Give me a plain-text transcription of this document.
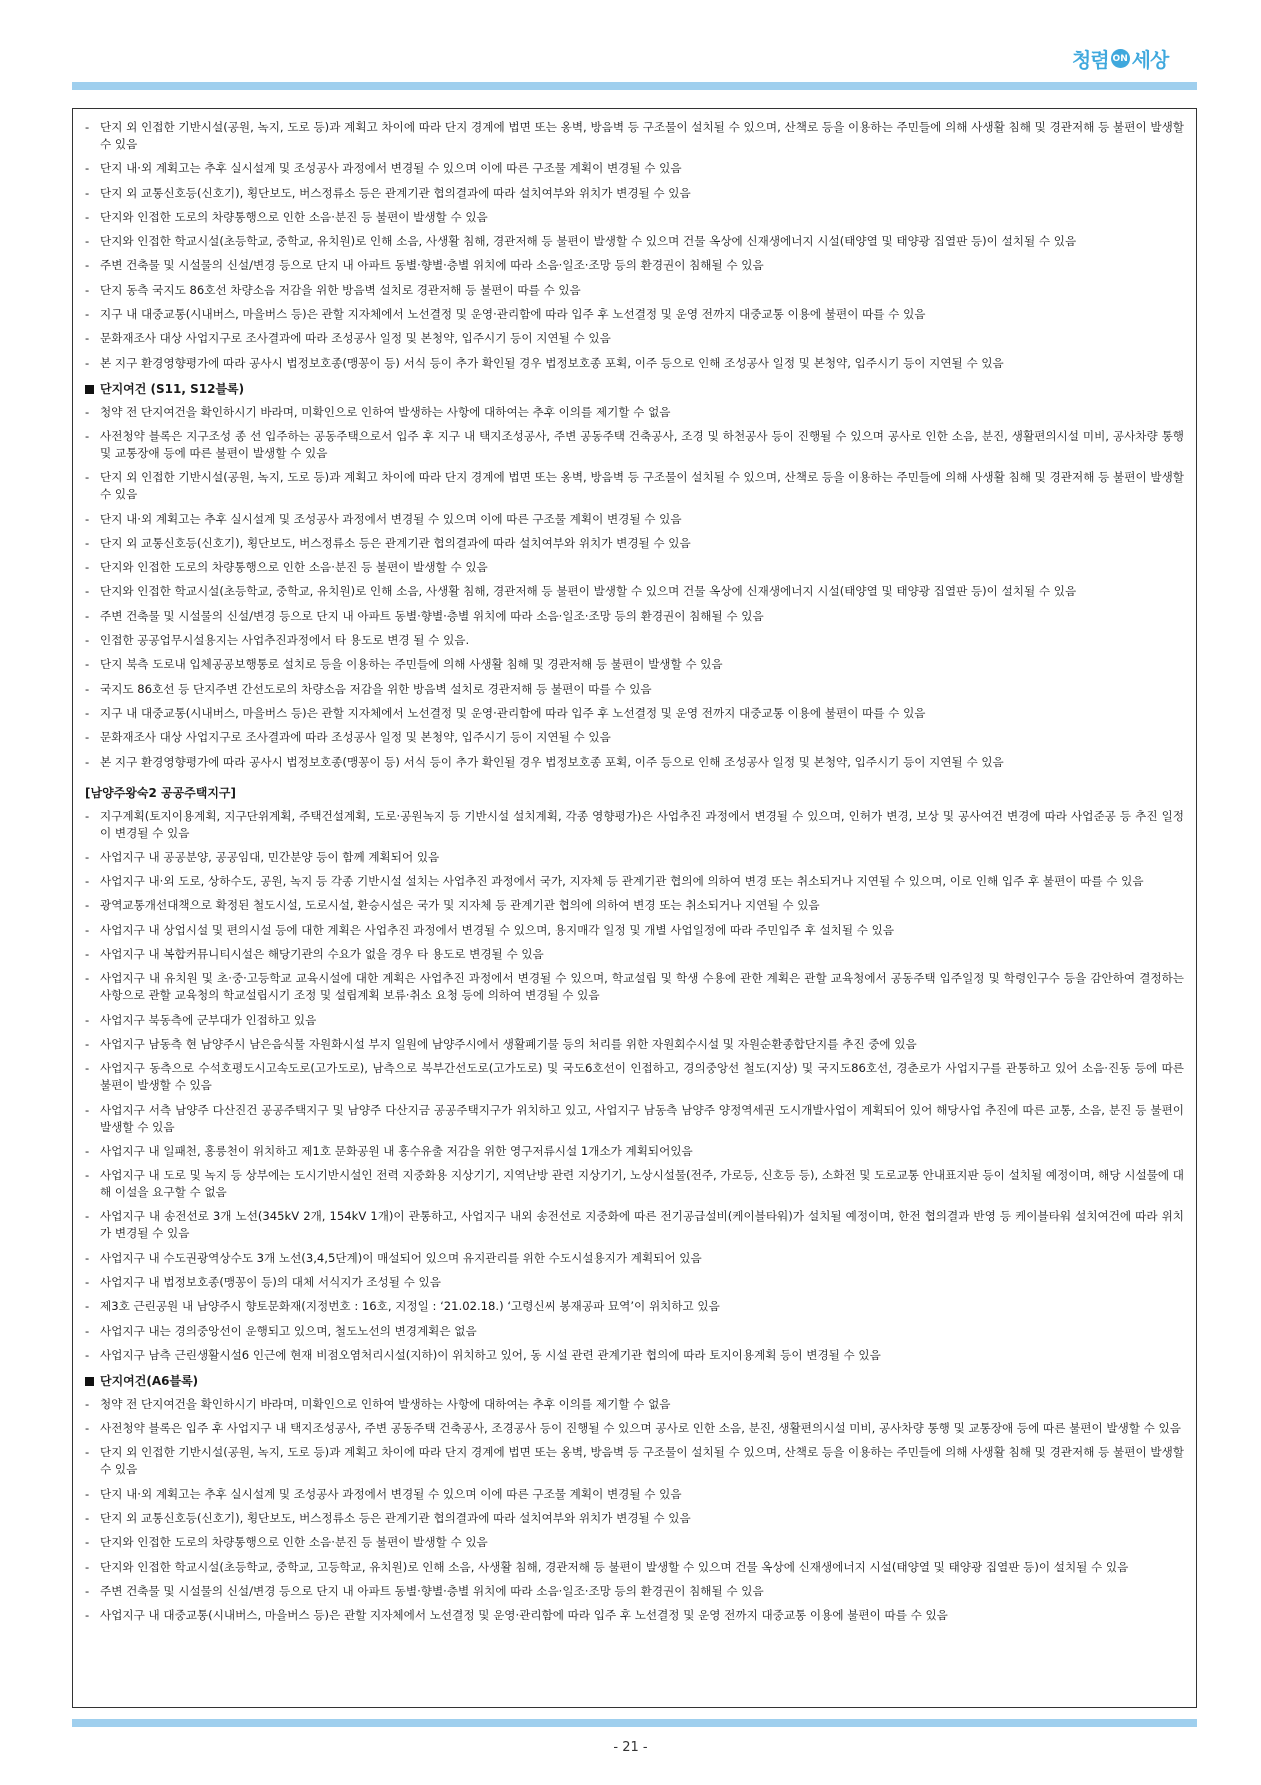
청렴 ON 세상
- 단지 외 인접한 기반시설(공원, 녹지, 도로 등)과 계획고 차이에 따라 단지 경계에 법면 또는 옹벽, 방음벽 등 구조물이 설치될 수 있으며, 산책로 등을 이용하는 주민들에 의해 사생활 침해 및 경관저해 등 불편이 발생할 수 있음
- 단지 내·외 계획고는 추후 실시설계 및 조성공사 과정에서 변경될 수 있으며 이에 따른 구조물 계획이 변경될 수 있음
- 단지 외 교통신호등(신호기), 횡단보도, 버스정류소 등은 관계기관 협의결과에 따라 설치여부와 위치가 변경될 수 있음
- 단지와 인접한 도로의 차량통행으로 인한 소음·분진 등 불편이 발생할 수 있음
- 단지와 인접한 학교시설(초등학교, 중학교, 유치원)로 인해 소음, 사생활 침해, 경관저해 등 불편이 발생할 수 있으며 건물 옥상에 신재생에너지 시설(태양열 및 태양광 집열판 등)이 설치될 수 있음
- 주변 건축물 및 시설물의 신설/변경 등으로 단지 내 아파트 동별·향별·층별 위치에 따라 소음·일조·조망 등의 환경권이 침해될 수 있음
- 단지 동측 국지도 86호선 차량소음 저감을 위한 방음벽 설치로 경관저해 등 불편이 따를 수 있음
- 지구 내 대중교통(시내버스, 마을버스 등)은 관할 지자체에서 노선결정 및 운영·관리함에 따라 입주 후 노선결정 및 운영 전까지 대중교통 이용에 불편이 따를 수 있음
- 문화재조사 대상 사업지구로 조사결과에 따라 조성공사 일정 및 본청약, 입주시기 등이 지연될 수 있음
- 본 지구 환경영향평가에 따라 공사시 법정보호종(맹꽁이 등) 서식 등이 추가 확인될 경우 법정보호종 포획, 이주 등으로 인해 조성공사 일정 및 본청약, 입주시기 등이 지연될 수 있음
단지여건 (S11, S12블록)
- 청약 전 단지여건을 확인하시기 바라며, 미확인으로 인하여 발생하는 사항에 대하여는 추후 이의를 제기할 수 없음
- 사전청약 블록은 지구조성 종 선 입주하는 공동주택으로서 입주 후 지구 내 택지조성공사, 주변 공동주택 건축공사, 조경 및 하천공사 등이 진행될 수 있으며 공사로 인한 소음, 분진, 생활편의시설 미비, 공사차량 통행 및 교통장애 등에 따른 불편이 발생할 수 있음
- 단지 외 인접한 기반시설(공원, 녹지, 도로 등)과 계획고 차이에 따라 단지 경계에 법면 또는 옹벽, 방음벽 등 구조물이 설치될 수 있으며, 산책로 등을 이용하는 주민들에 의해 사생활 침해 및 경관저해 등 불편이 발생할 수 있음
- 단지 내·외 계획고는 추후 실시설계 및 조성공사 과정에서 변경될 수 있으며 이에 따른 구조물 계획이 변경될 수 있음
- 단지 외 교통신호등(신호기), 횡단보도, 버스정류소 등은 관계기관 협의결과에 따라 설치여부와 위치가 변경될 수 있음
- 단지와 인접한 도로의 차량통행으로 인한 소음·분진 등 불편이 발생할 수 있음
- 단지와 인접한 학교시설(초등학교, 중학교, 유치원)로 인해 소음, 사생활 침해, 경관저해 등 불편이 발생할 수 있으며 건물 옥상에 신재생에너지 시설(태양열 및 태양광 집열판 등)이 설치될 수 있음
- 주변 건축물 및 시설물의 신설/변경 등으로 단지 내 아파트 동별·향별·층별 위치에 따라 소음·일조·조망 등의 환경권이 침해될 수 있음
- 인접한 공공업무시설용지는 사업추진과정에서 타 용도로 변경 될 수 있음.
- 단지 북측 도로내 입체공공보행통로 설치로 등을 이용하는 주민들에 의해 사생활 침해 및 경관저해 등 불편이 발생할 수 있음
- 국지도 86호선 등 단지주변 간선도로의 차량소음 저감을 위한 방음벽 설치로 경관저해 등 불편이 따를 수 있음
- 지구 내 대중교통(시내버스, 마을버스 등)은 관할 지자체에서 노선결정 및 운영·관리함에 따라 입주 후 노선결정 및 운영 전까지 대중교통 이용에 불편이 따를 수 있음
- 문화재조사 대상 사업지구로 조사결과에 따라 조성공사 일정 및 본청약, 입주시기 등이 지연될 수 있음
- 본 지구 환경영향평가에 따라 공사시 법정보호종(맹꽁이 등) 서식 등이 추가 확인될 경우 법정보호종 포획, 이주 등으로 인해 조성공사 일정 및 본청약, 입주시기 등이 지연될 수 있음
[남양주왕숙2 공공주택지구]
- 지구계획(토지이용계획, 지구단위계획, 주택건설계획, 도로·공원녹지 등 기반시설 설치계획, 각종 영향평가)은 사업추진 과정에서 변경될 수 있으며, 인허가 변경, 보상 및 공사여건 변경에 따라 사업준공 등 추진 일정이 변경될 수 있음
- 사업지구 내 공공분양, 공공임대, 민간분양 등이 함께 계획되어 있음
- 사업지구 내·외 도로, 상하수도, 공원, 녹지 등 각종 기반시설 설치는 사업추진 과정에서 국가, 지자체 등 관계기관 협의에 의하여 변경 또는 취소되거나 지연될 수 있으며, 이로 인해 입주 후 불편이 따를 수 있음
- 광역교통개선대책으로 확정된 철도시설, 도로시설, 환승시설은 국가 및 지자체 등 관계기관 협의에 의하여 변경 또는 취소되거나 지연될 수 있음
- 사업지구 내 상업시설 및 편의시설 등에 대한 계획은 사업추진 과정에서 변경될 수 있으며, 용지매각 일정 및 개별 사업일정에 따라 주민입주 후 설치될 수 있음
- 사업지구 내 복합커뮤니티시설은 해당기관의 수요가 없을 경우 타 용도로 변경될 수 있음
- 사업지구 내 유치원 및 초·중·고등학교 교육시설에 대한 계획은 사업추진 과정에서 변경될 수 있으며, 학교설립 및 학생 수용에 관한 계획은 관할 교육청에서 공동주택 입주일정 및 학령인구수 등을 감안하여 결정하는 사항으로 관할 교육청의 학교설립시기 조정 및 설립계획 보류·취소 요청 등에 의하여 변경될 수 있음
- 사업지구 북동측에 군부대가 인접하고 있음
- 사업지구 남동측 현 남양주시 남은음식물 자원화시설 부지 일원에 남양주시에서 생활폐기물 등의 처리를 위한 자원회수시설 및 자원순환종합단지를 추진 중에 있음
- 사업지구 동측으로 수석호평도시고속도로(고가도로), 남측으로 북부간선도로(고가도로) 및 국도6호선이 인접하고, 경의중앙선 철도(지상) 및 국지도86호선, 경춘로가 사업지구를 관통하고 있어 소음·진동 등에 따른 불편이 발생할 수 있음
- 사업지구 서측 남양주 다산진건 공공주택지구 및 남양주 다산지금 공공주택지구가 위치하고 있고, 사업지구 남동측 남양주 양정역세권 도시개발사업이 계획되어 있어 해당사업 추진에 따른 교통, 소음, 분진 등 불편이 발생할 수 있음
- 사업지구 내 일패천, 홍릉천이 위치하고 제1호 문화공원 내 홍수유출 저감을 위한 영구저류시설 1개소가 계획되어있음
- 사업지구 내 도로 및 녹지 등 상부에는 도시기반시설인 전력 지중화용 지상기기, 지역난방 관련 지상기기, 노상시설물(전주, 가로등, 신호등 등), 소화전 및 도로교통 안내표지판 등이 설치될 예정이며, 해당 시설물에 대해 이설을 요구할 수 없음
- 사업지구 내 송전선로 3개 노선(345kV 2개, 154kV 1개)이 관통하고, 사업지구 내외 송전선로 지중화에 따른 전기공급설비(케이블타워)가 설치될 예정이며, 한전 협의결과 반영 등 케이블타워 설치여건에 따라 위치가 변경될 수 있음
- 사업지구 내 수도권광역상수도 3개 노선(3,4,5단계)이 매설되어 있으며 유지관리를 위한 수도시설용지가 계획되어 있음
- 사업지구 내 법정보호종(맹꽁이 등)의 대체 서식지가 조성될 수 있음
- 제3호 근린공원 내 남양주시 향토문화재(지정번호 : 16호, 지정일 : ‘21.02.18.) ‘고령신씨 봉재공파 묘역’이 위치하고 있음
- 사업지구 내는 경의중앙선이 운행되고 있으며, 철도노선의 변경계획은 없음
- 사업지구 남측 근린생활시설6 인근에 현재 비점오염처리시설(지하)이 위치하고 있어, 동 시설 관련 관계기관 협의에 따라 토지이용계획 등이 변경될 수 있음
단지여건(A6블록)
- 청약 전 단지여건을 확인하시기 바라며, 미확인으로 인하여 발생하는 사항에 대하여는 추후 이의를 제기할 수 없음
- 사전청약 블록은 입주 후 사업지구 내 택지조성공사, 주변 공동주택 건축공사, 조경공사 등이 진행될 수 있으며 공사로 인한 소음, 분진, 생활편의시설 미비, 공사차량 통행 및 교통장애 등에 따른 불편이 발생할 수 있음
- 단지 외 인접한 기반시설(공원, 녹지, 도로 등)과 계획고 차이에 따라 단지 경계에 법면 또는 옹벽, 방음벽 등 구조물이 설치될 수 있으며, 산책로 등을 이용하는 주민들에 의해 사생활 침해 및 경관저해 등 불편이 발생할 수 있음
- 단지 내·외 계획고는 추후 실시설계 및 조성공사 과정에서 변경될 수 있으며 이에 따른 구조물 계획이 변경될 수 있음
- 단지 외 교통신호등(신호기), 횡단보도, 버스정류소 등은 관계기관 협의결과에 따라 설치여부와 위치가 변경될 수 있음
- 단지와 인접한 도로의 차량통행으로 인한 소음·분진 등 불편이 발생할 수 있음
- 단지와 인접한 학교시설(초등학교, 중학교, 고등학교, 유치원)로 인해 소음, 사생활 침해, 경관저해 등 불편이 발생할 수 있으며 건물 옥상에 신재생에너지 시설(태양열 및 태양광 집열판 등)이 설치될 수 있음
- 주변 건축물 및 시설물의 신설/변경 등으로 단지 내 아파트 동별·향별·층별 위치에 따라 소음·일조·조망 등의 환경권이 침해될 수 있음
- 사업지구 내 대중교통(시내버스, 마을버스 등)은 관할 지자체에서 노선결정 및 운영·관리함에 따라 입주 후 노선결정 및 운영 전까지 대중교통 이용에 불편이 따를 수 있음
- 21 -
